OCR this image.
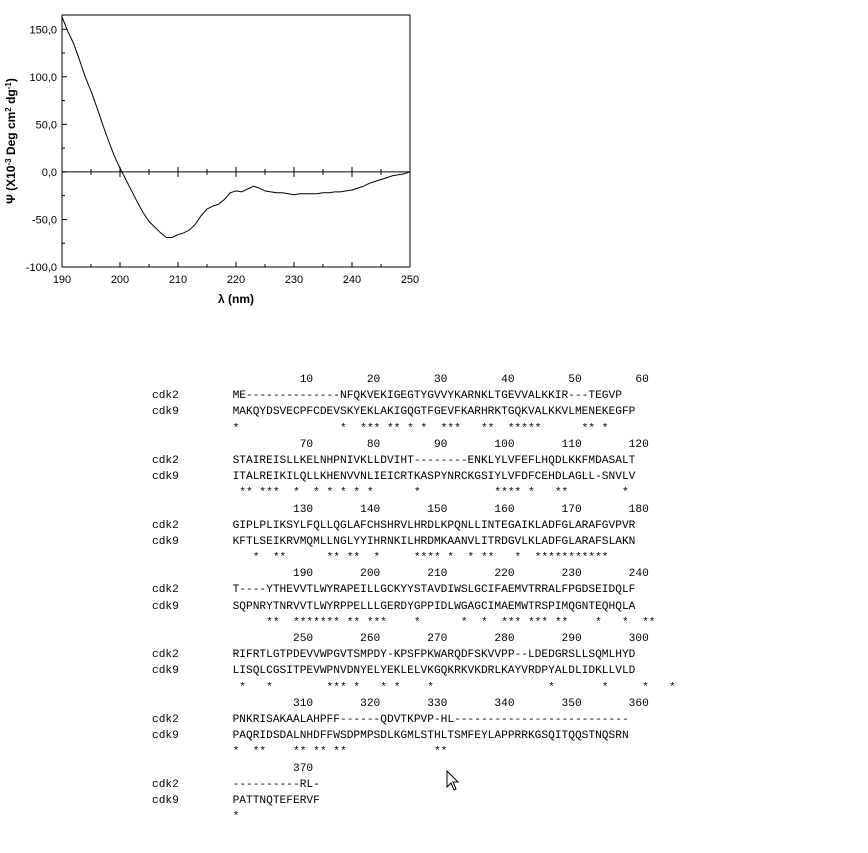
190	200	210	220	230	240	250
150,0
100,0
50,0
0,0
-50,0
-100,0
λ (nm)
Ψ ($X10^{-3}$ Deg $cm^2$ $dg^{-1}$)
10        20        30        40        50        60
cdk2        ME--------------NFQKVEKIGEGTYGVVYKARNKLTGEVVALKKIR---TEGVP
cdk9        MAKQYDSVECPFCDEVSKYEKLAKIGQGTFGEVFKARHRKTGQKVALKKVLMENEKEGFP
*               *  *** ** * *  ***   **  *****      ** *
70        80        90       100       110       120
cdk2        STAIREISLLKELNHPNIVKLLDVIHT--------ENKLYLVFEFLHQDLKKFMDASALT
cdk9        ITALREIKILQLLKHENVVNLIEICRTKASPYNRCKGSIYLVFDFCEHDLAGLL-SNVLV
** ***  *  * * * * *      *           **** *   **        *
130       140       150       160       170       180
cdk2        GIPLPLIKSYLFQLLQGLAFCHSHRVLHRDLKPQNLLINTEGAIKLADFGLARAFGVPVR
cdk9        KFTLSEIKRVMQMLLNGLYYIHRNKILHRDMKAANVLITRDGVLKLADFGLARAFSLAKN
*  **      ** **  *     **** *  * **   *  ***********
190       200       210       220       230       240
cdk2        T----YTHEVVTLWYRAPEILLGCKYYSTAVDIWSLGCIFAEMVTRRALFPGDSEIDQLF
cdk9        SQPNRYTNRVVTLWYRPPELLLGERDYGPPIDLWGAGCIMAEMWTRSPIMQGNTEQHQLA
**  ******* ** ***    *      *  *  *** *** **    *   *  **
250       260       270       280       290       300
cdk2        RIFRTLGTPDEVVWPGVTSMPDY-KPSFPKWARQDFSKVVPP--LDEDGRSLLSQMLHYD
cdk9        LISQLCGSITPEVWPNVDNYELYEKLELVKGQKRKVKDRLKAYVRDPYALDLIDKLLVLD
*   *        *** *   * *    *                 *       *     *   *
310       320       330       340       350       360
cdk2        PNKRISAKAALAHPFF------QDVTKPVP-HL--------------------------
cdk9        PAQRIDSDALNHDFFWSDPMPSDLKGMLSTHLTSMFEYLAPPRRKGSQITQQSTNQSRN
*  **    ** ** **             **
370
cdk2        ----------RL-
cdk9        PATTNQTEFERVF
*
